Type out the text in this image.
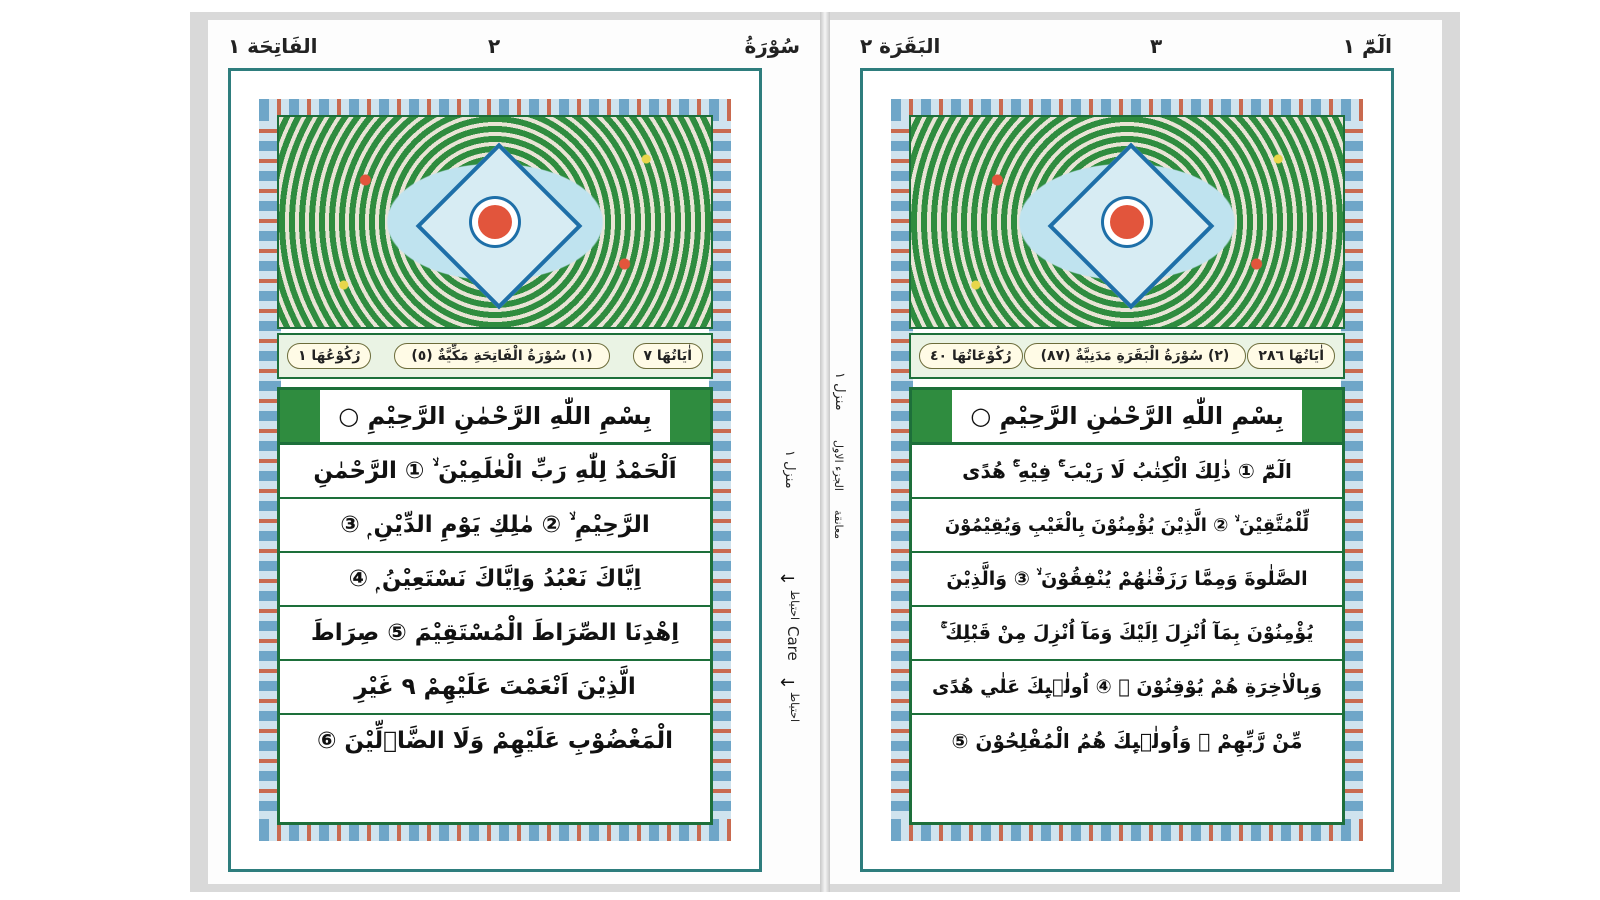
الفَاتِحَة ١	٢	سُوْرَةُ
اٰيَاتُهَا ٧
(١) سُوْرَةُ الْفَاتِحَةِ مَكِّيَّةٌ (٥)
رُكُوْعُهَا ١
بِسْمِ اللّٰهِ الرَّحْمٰنِ الرَّحِيْمِ ○
اَلْحَمْدُ لِلّٰهِ رَبِّ الْعٰلَمِيْنَ ۙ ① الرَّحْمٰنِ
الرَّحِيْمِ ۙ ② مٰلِكِ يَوْمِ الدِّيْنِ ۭ ③
اِيَّاكَ نَعْبُدُ وَاِيَّاكَ نَسْتَعِيْنُ ۭ ④
اِهْدِنَا الصِّرَاطَ الْمُسْتَقِيْمَ ⑤ صِرَاطَ
الَّذِيْنَ اَنْعَمْتَ عَلَيْهِمْ ۹ غَيْرِ
الْمَغْضُوْبِ عَلَيْهِمْ وَلَا الضَّاۗلِّيْنَ ⑥
منزل ١
←
احتیاط
Care
←
احتیاط
منزل ١
الجزء الاول
معانقة
البَقَرَة ٢	٣	الٓمّٓ ١
اٰيَاتُهَا ٢٨٦
(٢) سُوْرَةُ الْبَقَرَةِ مَدَنِيَّةٌ (٨٧)
رُكُوْعَاتُهَا ٤٠
بِسْمِ اللّٰهِ الرَّحْمٰنِ الرَّحِيْمِ ○
الٓمّٓ ① ذٰلِكَ الْكِتٰبُ لَا رَيْبَ ۚۛ فِيْهِ ۚۛ ھُدًى
لِّلْمُتَّقِيْنَ ۙ ② الَّذِيْنَ يُؤْمِنُوْنَ بِالْغَيْبِ وَيُقِيْمُوْنَ
الصَّلٰوةَ وَمِمَّا رَزَقْنٰھُمْ يُنْفِقُوْنَ ۙ ③ وَالَّذِيْنَ
يُؤْمِنُوْنَ بِمَآ اُنْزِلَ اِلَيْكَ وَمَآ اُنْزِلَ مِنْ قَبْلِكَ ۚ
وَبِالْاٰخِرَةِ ھُمْ يُوْقِنُوْنَ ۭ ④ اُولٰۗىِٕكَ عَلٰي ھُدًى
مِّنْ رَّبِّهِمْ ۤ وَاُولٰۗىِٕكَ ھُمُ الْمُفْلِحُوْنَ ⑤
